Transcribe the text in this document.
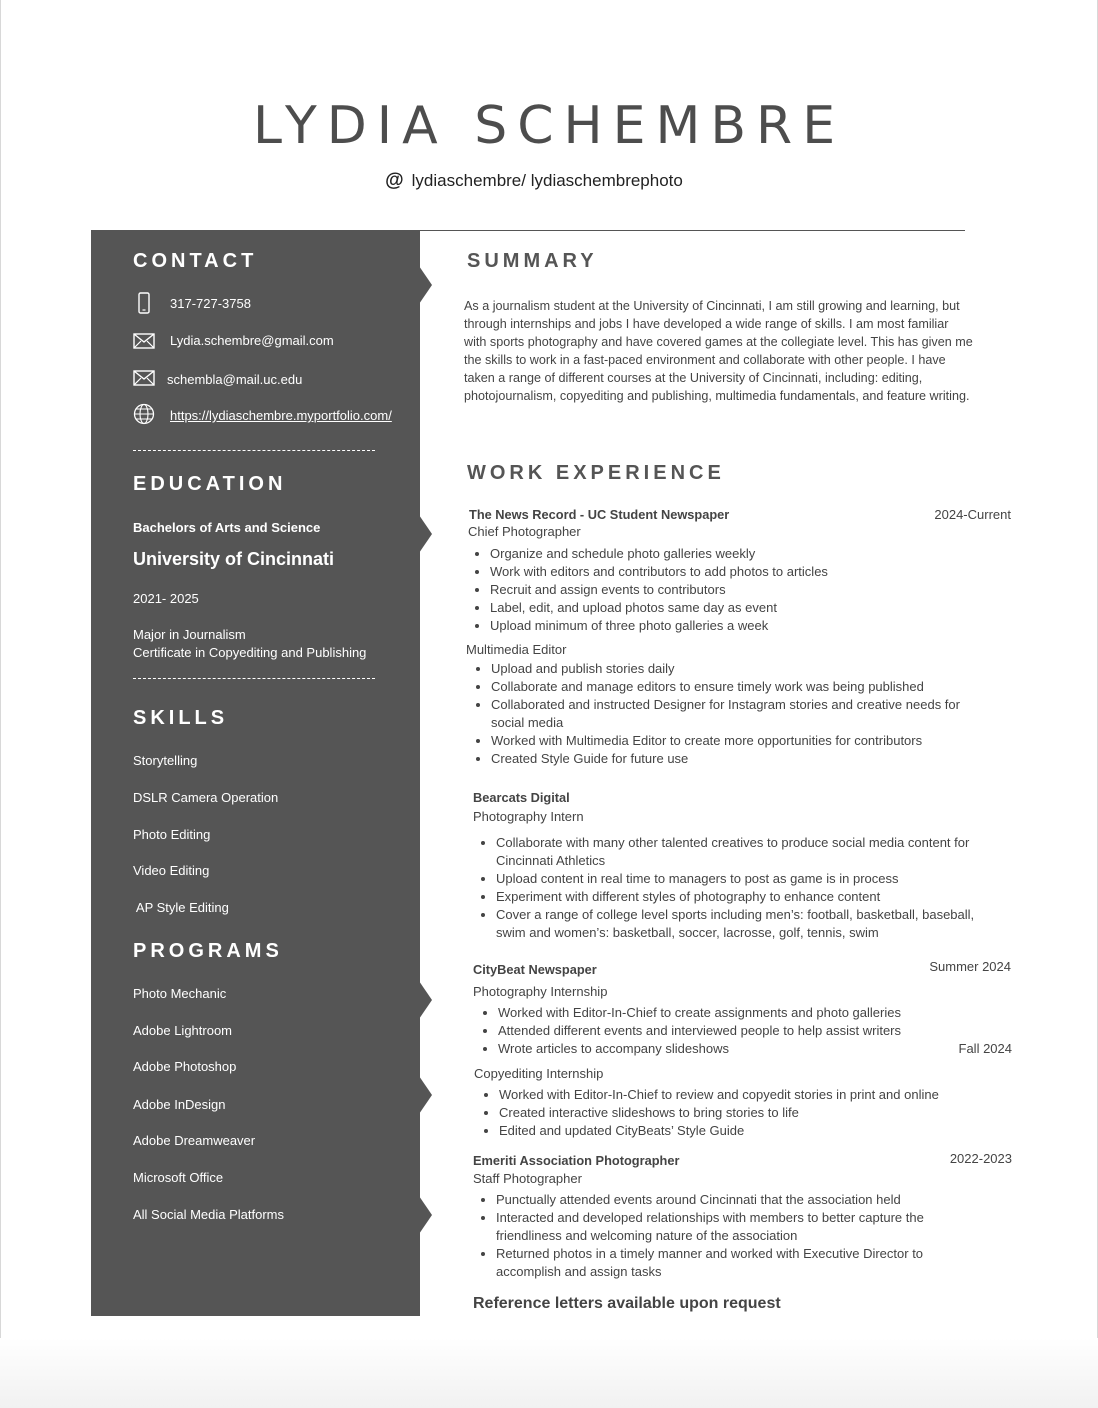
LYDIA SCHEMBRE
@ lydiaschembre/ lydiaschembrephoto
CONTACT
317-727-3758
Lydia.schembre@gmail.com
schembla@mail.uc.edu
https://lydiaschembre.myportfolio.com/
EDUCATION
Bachelors of Arts and Science
University of Cincinnati
2021- 2025
Major in Journalism
Certificate in Copyediting and Publishing
SKILLS
Storytelling
DSLR Camera Operation
Photo Editing
Video Editing
AP Style Editing
PROGRAMS
Photo Mechanic
Adobe Lightroom
Adobe Photoshop
Adobe InDesign
Adobe Dreamweaver
Microsoft Office
All Social Media Platforms
SUMMARY
As a journalism student at the University of Cincinnati, I am still growing and learning, but through internships and jobs I have developed a wide range of skills. I am most familiar with sports photography and have covered games at the collegiate level. This has given me the skills to work in a fast-paced environment and collaborate with other people. I have taken a range of different courses at the University of Cincinnati, including: editing, photojournalism, copyediting and publishing, multimedia fundamentals, and feature writing.
WORK EXPERIENCE
The News Record - UC Student Newspaper	2024-Current
Chief Photographer
• Organize and schedule photo galleries weekly
• Work with editors and contributors to add photos to articles
• Recruit and assign events to contributors
• Label, edit, and upload photos same day as event
• Upload minimum of three photo galleries a week
Multimedia Editor
• Upload and publish stories daily
• Collaborate and manage editors to ensure timely work was being published
• Collaborated and instructed Designer for Instagram stories and creative needs for social media
• Worked with Multimedia Editor to create more opportunities for contributors
• Created Style Guide for future use
Bearcats Digital
Photography Intern
• Collaborate with many other talented creatives to produce social media content for Cincinnati Athletics
• Upload content in real time to managers to post as game is in process
• Experiment with different styles of photography to enhance content
• Cover a range of college level sports including men’s: football, basketball, baseball, swim and women’s: basketball, soccer, lacrosse, golf, tennis, swim
CityBeat Newspaper	Summer 2024
Photography Internship
• Worked with Editor-In-Chief to create assignments and photo galleries
• Attended different events and interviewed people to help assist writers
• Wrote articles to accompany slideshows	Fall 2024
Copyediting Internship
• Worked with Editor-In-Chief to review and copyedit stories in print and online
• Created interactive slideshows to bring stories to life
• Edited and updated CityBeats’ Style Guide
Emeriti Association Photographer	2022-2023
Staff Photographer
• Punctually attended events around Cincinnati that the association held
• Interacted and developed relationships with members to better capture the friendliness and welcoming nature of the association
• Returned photos in a timely manner and worked with Executive Director to accomplish and assign tasks
Reference letters available upon request
